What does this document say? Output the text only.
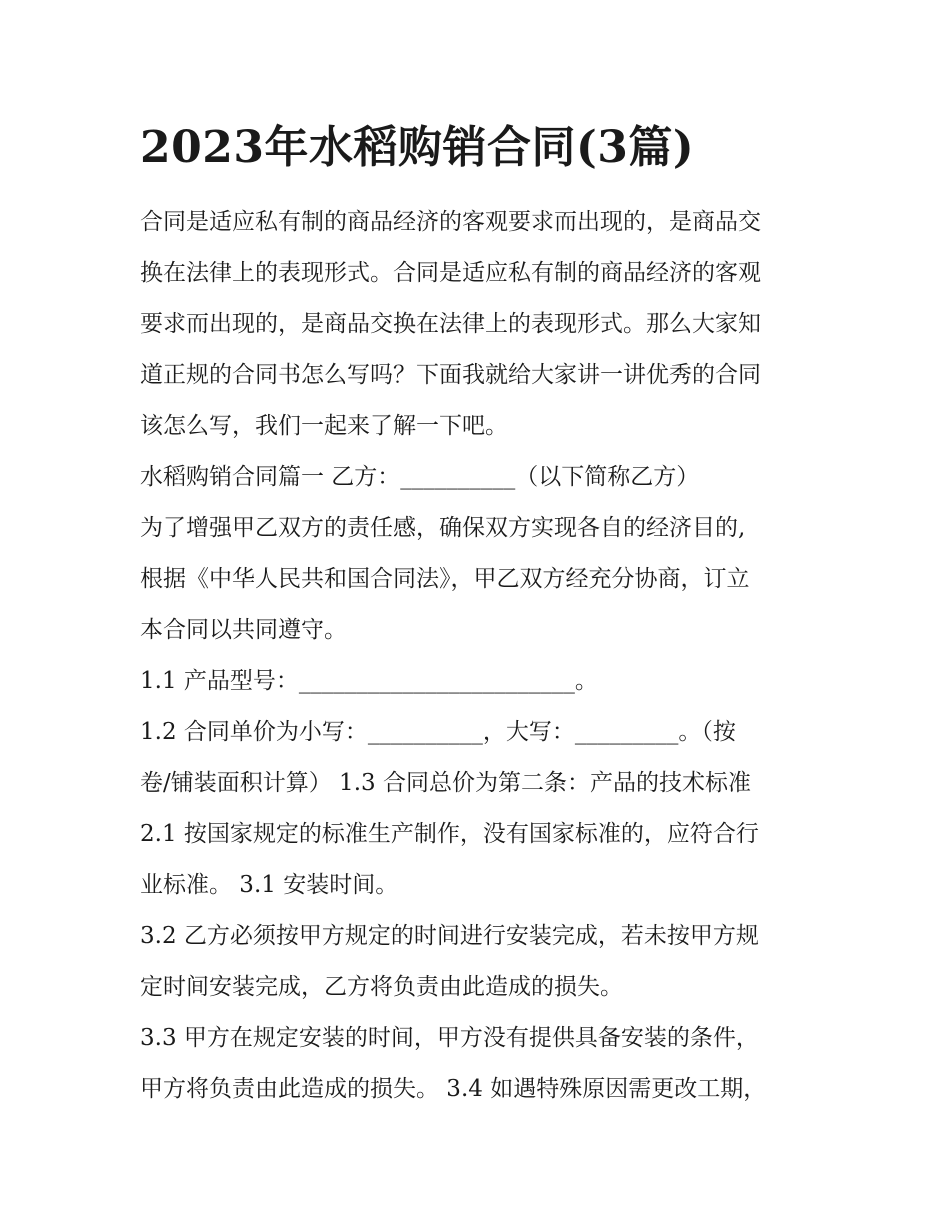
2023年水稻购销合同(3篇)
合同是适应私有制的商品经济的客观要求而出现的，是商品交
换在法律上的表现形式。合同是适应私有制的商品经济的客观
要求而出现的，是商品交换在法律上的表现形式。那么大家知
道正规的合同书怎么写吗？下面我就给大家讲一讲优秀的合同
该怎么写，我们一起来了解一下吧。
水稻购销合同篇一 乙方：__________（以下简称乙方）
为了增强甲乙双方的责任感，确保双方实现各自的经济目的,
根据《中华人民共和国合同法》，甲乙双方经充分协商，订立
本合同以共同遵守。
1.1 产品型号：________________________。
1.2 合同单价为小写：__________，大写：_________。（按
卷/铺装面积计算） 1.3 合同总价为第二条：产品的技术标准
2.1 按国家规定的标准生产制作，没有国家标准的，应符合行
业标准。 3.1 安装时间。
3.2 乙方必须按甲方规定的时间进行安装完成，若未按甲方规
定时间安装完成，乙方将负责由此造成的损失。
3.3 甲方在规定安装的时间，甲方没有提供具备安装的条件，
甲方将负责由此造成的损失。 3.4 如遇特殊原因需更改工期，
